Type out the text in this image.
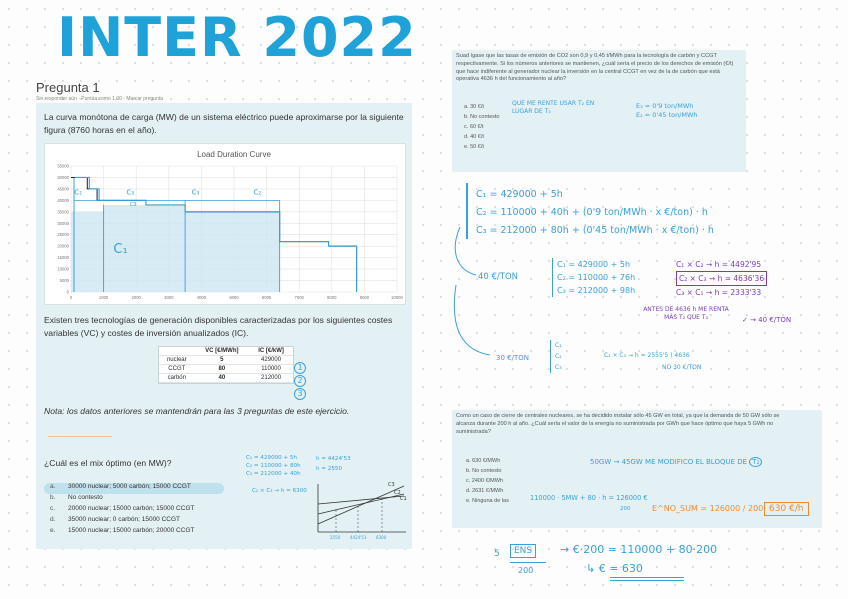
INTER 2022
Pregunta 1
Sin responder aún · Puntúa como 1,00 · Marcar pregunta
La curva monótona de carga (MW) de un sistema eléctrico puede aproximarse por la siguiente figura (8760 horas en el año).
Load Duration Curve
0
5000
10000
15000
20000
25000
30000
35000
40000
45000
50000
55000
0	1000	2000	3000	4000	5000	6000	7000	8000	9000	10000
C₂	C₃	C₃	C₂
C₁
C3
Existen tres tecnologías de generación disponibles caracterizadas por los siguientes costes variables (VC) y costes de inversión anualizados (IC).
	VC [€/MWh]	IC [€/kW]
nuclear	5	429000
CCGT	80	110000
carbón	40	212000
1
2
3
Nota: los datos anteriores se mantendrán para las 3 preguntas de este ejercicio.
¿Cuál es el mix óptimo (en MW)?
a. 30000 nuclear; 5000 carbón; 15000 CCGT
b. No contesto
c. 20000 nuclear; 15000 carbón; 15000 CCGT
d. 35000 nuclear; 0 carbón; 15000 CCGT
e. 15000 nuclear; 15000 carbón; 20000 CCGT
C₁ = 429000 + 5h
C₂ = 110000 + 80h
C₃ = 212000 + 40h
h = 4424'53
h = 2550
C₂ × C₃ → h = 6300
C3
C2
C1
2550 4424'53 6300
Suad ígase que las tasas de emisión de CO2 son 0,9 y 0,45 t/MWh para la tecnología de carbón y CCGT respectivamente. Si los números anteriores se mantienen, ¿cuál sería el precio de los derechos de emisión (€/t) que hace indiferente al generador nuclear la inversión en la central CCGT en vez de la de carbón que está operativa 4636 h del funcionamiento al año?
a. 30 €/t
b. No contesto
c. 60 €/t
d. 40 €/t
e. 50 €/t
QUE ME RENTE USAR T₂ EN LUGAR DE T₃
E₃ = 0'9 ton/MWh
E₂ = 0'45 ton/MWh
C₁ = 429000 + 5h
C₂ = 110000 + 40h + (0'9 ton/MWh · x €/ton) · h
C₃ = 212000 + 80h + (0'45 ton/MWh · x €/ton) · h
40 €/TON
C₁ = 429000 + 5h
C₂ = 110000 + 76h
C₃ = 212000 + 98h
C₁ × C₂ → h = 4492'95
C₂ × C₃ → h = 4636'36
C₃ × C₁ → h = 2333'33
ANTES DE 4636 h ME RENTA MÁS T₂ QUE T₃	✓ → 40 €/TON
30 €/TON
C₁
C₂
C₃
C₂ × C₃ → h = 2555'5 ) 4636
NO 30 €/TON
Como un caso de cierre de centrales nucleares, se ha decidido instalar sólo 45 GW en total, ya que la demanda de 50 GW sólo se alcanza durante 200 h al año. ¿Cuál sería el valor de la energía no suministrada por GWh que hace óptimo que haya 5 GWh no suministrada?
a. 630 €/MWh
b. No contesto
c. 2400 €/MWh
d. 2631 €/MWh
e. Ninguna de las
50GW → 45GW ME MODIFICO EL BLOQUE DE T₂
110000 · 5MW + 80 · h = 126000 €
200	E^NO_SUM = 126000 / 200 630 €/h
5	ENS
200
→ €·200 = 110000 + 80·200
↳ € = 630
